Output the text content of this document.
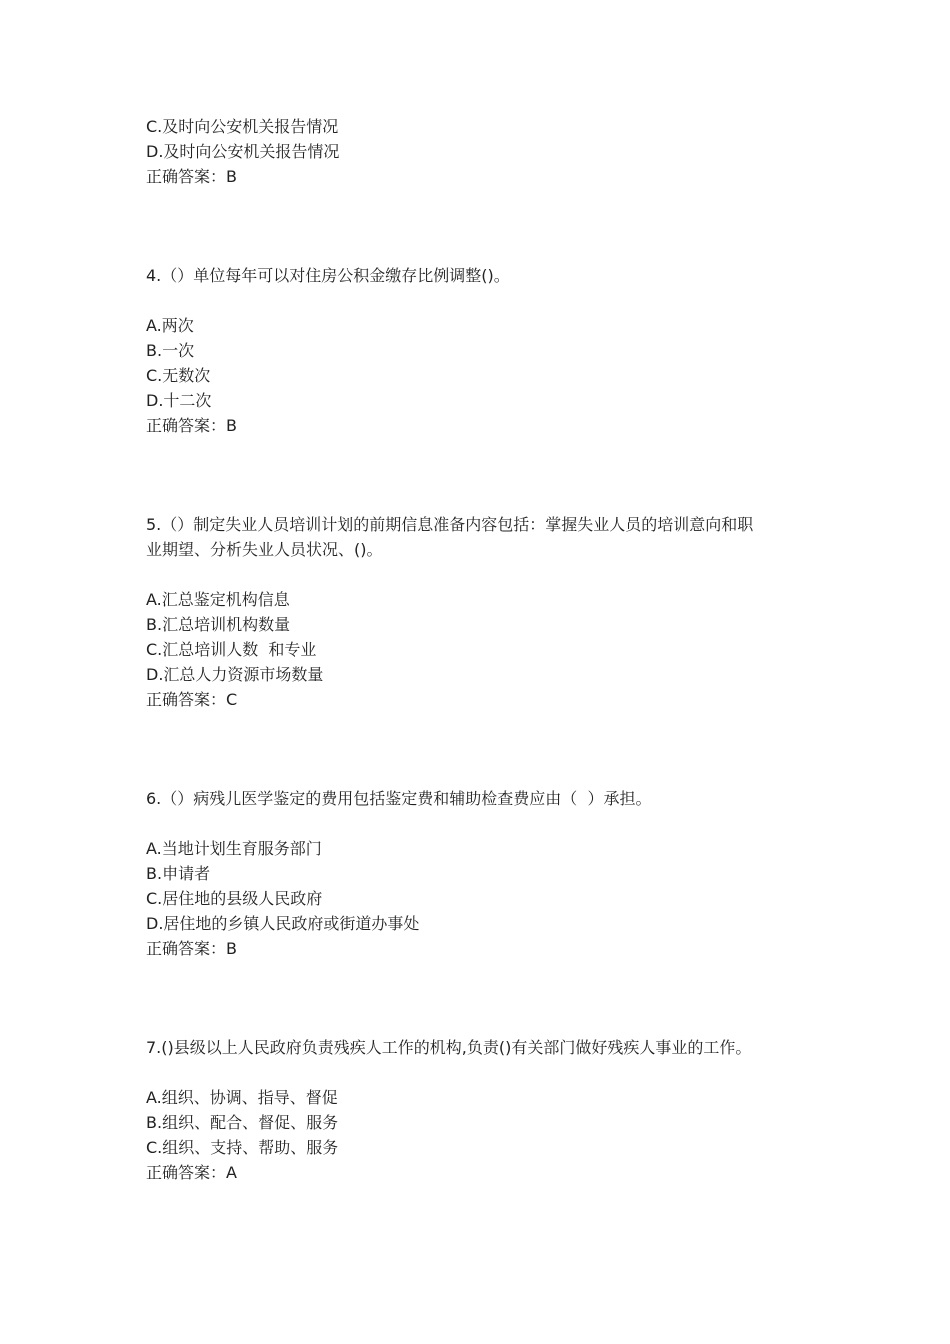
C.及时向公安机关报告情况
D.及时向公安机关报告情况
正确答案：B
4.（）单位每年可以对住房公积金缴存比例调整()。
A.两次
B.一次
C.无数次
D.十二次
正确答案：B
5.（）制定失业人员培训计划的前期信息准备内容包括：掌握失业人员的培训意向和职
业期望、分析失业人员状况、()。
A.汇总鉴定机构信息
B.汇总培训机构数量
C.汇总培训人数  和专业
D.汇总人力资源市场数量
正确答案：C
6.（）病残儿医学鉴定的费用包括鉴定费和辅助检查费应由（  ）承担。
A.当地计划生育服务部门
B.申请者
C.居住地的县级人民政府
D.居住地的乡镇人民政府或街道办事处
正确答案：B
7.()县级以上人民政府负责残疾人工作的机构,负责()有关部门做好残疾人事业的工作。
A.组织、协调、指导、督促
B.组织、配合、督促、服务
C.组织、支持、帮助、服务
正确答案：A
